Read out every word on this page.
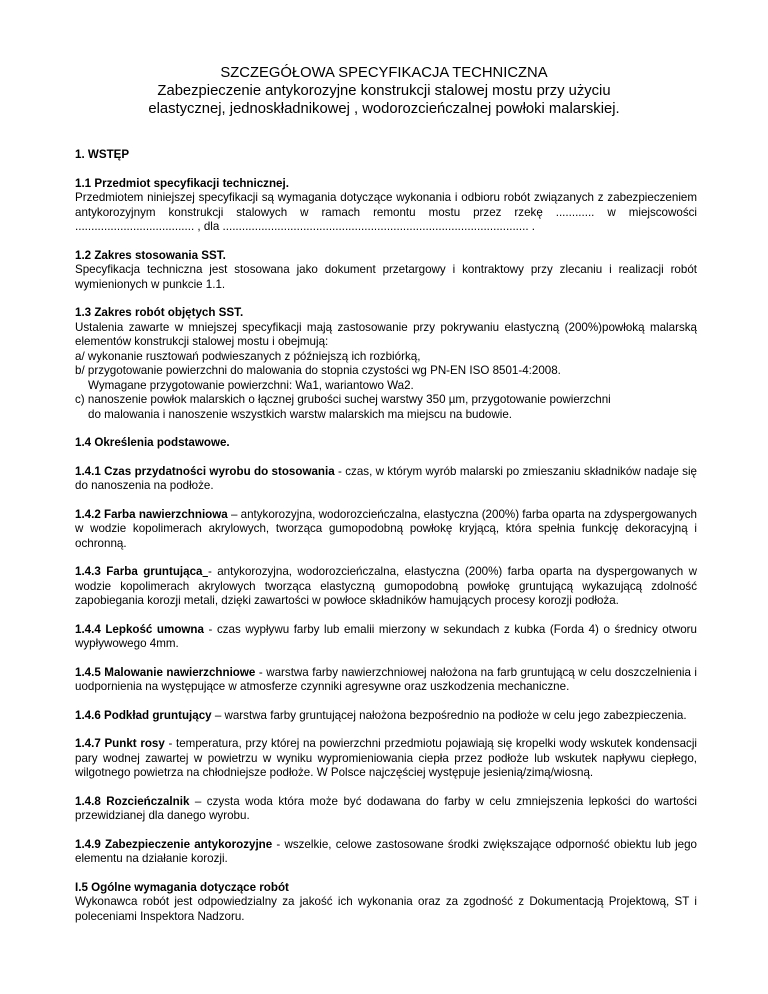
SZCZEGÓŁOWA SPECYFIKACJA TECHNICZNA
Zabezpieczenie antykorozyjne konstrukcji stalowej mostu przy użyciu
elastycznej, jednoskładnikowej , wodorozcieńczalnej powłoki malarskiej.
1. WSTĘP
1.1 Przedmiot specyfikacji technicznej.

Przedmiotem niniejszej specyfikacji są wymagania dotyczące wykonania i odbioru robót związanych z zabezpieczeniem antykorozyjnym konstrukcji stalowych w ramach remontu mostu przez rzekę ............ w miejscowości ..................................... , dla ............................................................................................... .

1.2 Zakres stosowania SST.

Specyfikacja techniczna jest stosowana jako dokument przetargowy i kontraktowy przy zlecaniu i realizacji robót wymienionych w punkcie 1.1.

1.3 Zakres robót objętych SST.

Ustalenia zawarte w mniejszej specyfikacji mają zastosowanie przy pokrywaniu elastyczną (200%)powłoką malarską elementów konstrukcji stalowej mostu i obejmują:

a/ wykonanie rusztowań podwieszanych z późniejszą ich rozbiórką,
b/ przygotowanie powierzchni do malowania do stopnia czystości wg PN-EN ISO 8501-4:2008.
Wymagane przygotowanie powierzchni: Wa1, wariantowo Wa2.
c) nanoszenie powłok malarskich o łącznej grubości suchej warstwy 350 µm, przygotowanie powierzchni
do malowania i nanoszenie wszystkich warstw malarskich ma miejscu na budowie.
1.4 Określenia podstawowe.

1.4.1 Czas przydatności wyrobu do stosowania - czas, w którym wyrób malarski po zmieszaniu składników nadaje się do nanoszenia na podłoże.

1.4.2 Farba nawierzchniowa – antykorozyjna, wodorozcieńczalna, elastyczna (200%) farba oparta na zdyspergowanych w wodzie kopolimerach akrylowych, tworząca gumopodobną powłokę kryjącą, która spełnia funkcję dekoracyjną i ochronną.

1.4.3 Farba gruntująca - antykorozyjna, wodorozcieńczalna, elastyczna (200%) farba oparta na dyspergowanych w wodzie kopolimerach akrylowych tworząca elastyczną gumopodobną powłokę gruntującą wykazującą zdolność zapobiegania korozji metali, dzięki zawartości w powłoce składników hamujących procesy korozji podłoża.

1.4.4 Lepkość umowna - czas wypływu farby lub emalii mierzony w sekundach z kubka (Forda 4) o średnicy otworu wypływowego 4mm.

1.4.5 Malowanie nawierzchniowe - warstwa farby nawierzchniowej nałożona na farb gruntującą w celu doszczelnienia i uodpornienia na występujące w atmosferze czynniki agresywne oraz uszkodzenia mechaniczne.

1.4.6 Podkład gruntujący – warstwa farby gruntującej nałożona bezpośrednio na podłoże w celu jego zabezpieczenia.

1.4.7 Punkt rosy - temperatura, przy której na powierzchni przedmiotu pojawiają się kropelki wody wskutek kondensacji pary wodnej zawartej w powietrzu w wyniku wypromieniowania ciepła przez podłoże lub wskutek napływu ciepłego, wilgotnego powietrza na chłodniejsze podłoże. W Polsce najczęściej występuje jesienią/zimą/wiosną.

1.4.8 Rozcieńczalnik – czysta woda która może być dodawana do farby w celu zmniejszenia lepkości do wartości przewidzianej dla danego wyrobu.

1.4.9 Zabezpieczenie antykorozyjne - wszelkie, celowe zastosowane środki zwiększające odporność obiektu lub jego elementu na działanie korozji.

I.5 Ogólne wymagania dotyczące robót

Wykonawca robót jest odpowiedzialny za jakość ich wykonania oraz za zgodność z Dokumentacją Projektową, ST i poleceniami Inspektora Nadzoru.
